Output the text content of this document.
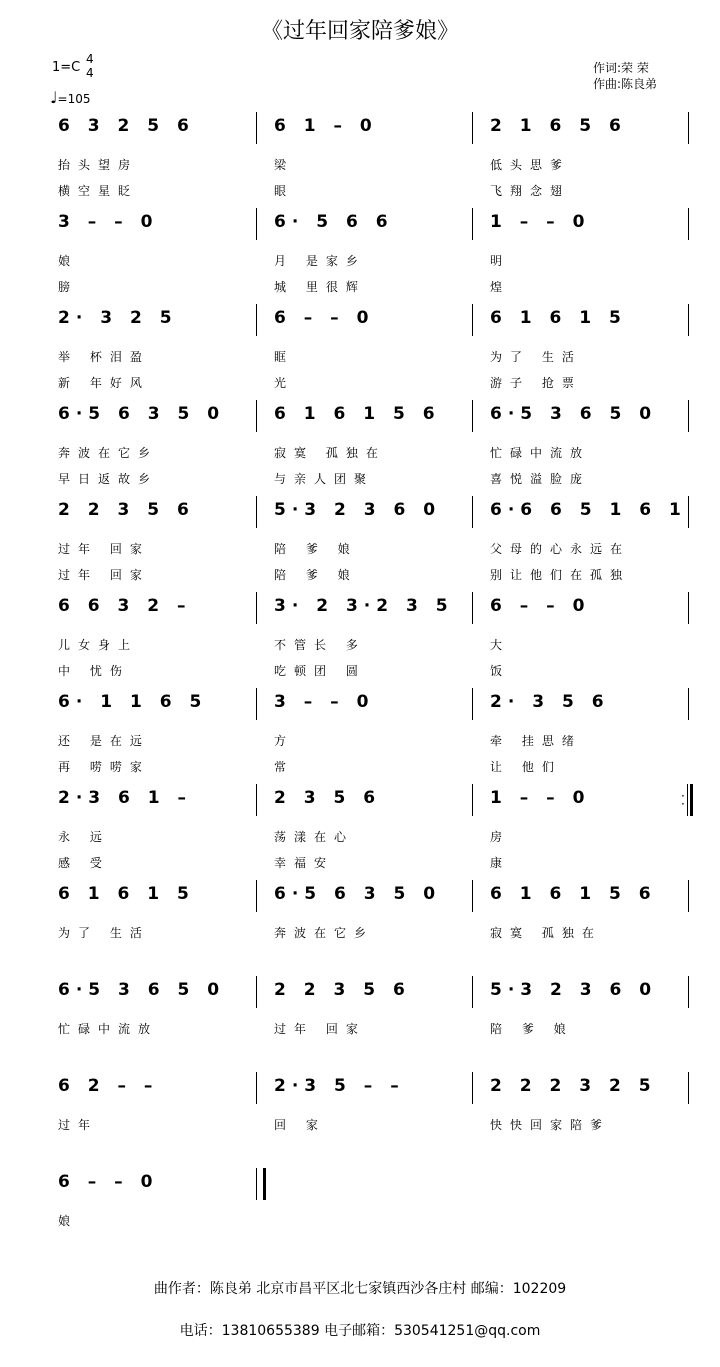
《过年回家陪爹娘》
1=C
4
4
♩=105
作词:荣 荣
作曲:陈良弟
6 3 2 5 6
抬头望房
横空星眨
6 1 – 0
梁
眼
2 1 6 5 6
低头思爹
飞翔念翅
3 – – 0
娘
膀
6· 5 6 6
月 是家乡
城 里很辉
1 – – 0
明
煌
2· 3 2 5
举 杯泪盈
新 年好风
6 – – 0
眶
光
6 1 6 1 5
为了 生活
游子 抢票
6·5 6 3 5 0
奔波在它乡
早日返故乡
6 1 6 1 5 6
寂寞 孤独在
与亲人团聚
6·5 3 6 5 0
忙碌中流放
喜悦溢脸庞
2 2 3 5 6
过年 回家
过年 回家
5·3 2 3 6 0
陪 爹 娘
陪 爹 娘
6·6 6 5 1 6 1
父母的心永远在
别让他们在孤独
6 6 3 2 –
儿女身上
中 忧伤
3· 2 3·2 3 5
不管长 多
吃顿团 圆
6 – – 0
大
饭
6· 1 1 6 5
还 是在远
再 唠唠家
3 – – 0
方
常
2· 3 5 6
牵 挂思绪
让 他们
2·3 6 1 –
永 远
感 受
2 3 5 6
荡漾在心
幸福安
1 – – 0
房
康
·
·
6 1 6 1 5
为了 生活
6·5 6 3 5 0
奔波在它乡
6 1 6 1 5 6
寂寞 孤独在
6·5 3 6 5 0
忙碌中流放
2 2 3 5 6
过年 回家
5·3 2 3 6 0
陪 爹 娘
6 2 – –
过年
2·3 5 – –
回 家
2 2 2 3 2 5
快快回家陪爹
6 – – 0
娘
曲作者：陈良弟 北京市昌平区北七家镇西沙各庄村 邮编：102209
电话：13810655389 电子邮箱：530541251@qq.com
